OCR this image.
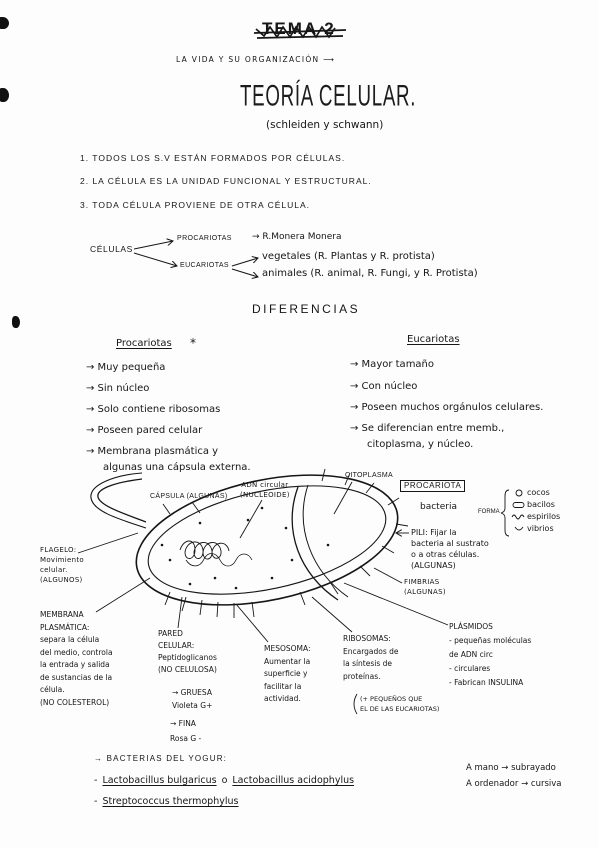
TEMA 2
LA VIDA Y SU ORGANIZACIÓN ⟶
TEORÍA CELULAR.
(schleiden y schwann)
1. TODOS LOS S.V ESTÁN FORMADOS POR CÉLULAS.
2. LA CÉLULA ES LA UNIDAD FUNCIONAL Y ESTRUCTURAL.
3. TODA CÉLULA PROVIENE DE OTRA CÉLULA.
CÉLULAS
PROCARIOTAS → R.Monera Monera
EUCARIOTAS
vegetales (R. Plantas y R. protista)
animales (R. animal, R. Fungi, y R. Protista)
DIFERENCIAS
Procariotas *
→ Muy pequeña
→ Sin núcleo
→ Solo contiene ribosomas
→ Poseen pared celular
→ Membrana plasmática y
algunas una cápsula externa.
Eucariotas
→ Mayor tamaño
→ Con núcleo
→ Poseen muchos orgánulos celulares.
→ Se diferencian entre memb.,
citoplasma, y núcleo.
CÁPSULA (ALGUNAS)
ADN circular
(NUCLEOIDE)
CITOPLASMA
PROCARIOTA
bacteria	FORMA
cocos
bacilos
espirilos
vibrios
PILI: Fijar la
bacteria al sustrato
o a otras células.
(ALGUNAS)
FIMBRIAS
(ALGUNAS)
FLAGELO:
Movimiento
celular.
(ALGUNOS)
MEMBRANA
PLASMÁTICA:
separa la célula
del medio, controla
la entrada y salida
de sustancias de la
célula.
(NO COLESTEROL)
PARED
CELULAR:
Peptidoglicanos
(NO CELULOSA)
→ GRUESA
Violeta G+
→ FINA
Rosa G -
MESOSOMA:
Aumentar la
superficie y
facilitar la
actividad.
RIBOSOMAS:
Encargados de
la síntesis de
proteínas.
(+ PEQUEÑOS QUE
EL DE LAS EUCARIOTAS)
PLÁSMIDOS
- pequeñas moléculas
de ADN circ
- circulares
- Fabrican INSULINA
→ BACTERIAS DEL YOGUR:
- Lactobacillus bulgaricus o Lactobacillus acidophylus
- Streptococcus thermophylus
A mano → subrayado
A ordenador → cursiva
